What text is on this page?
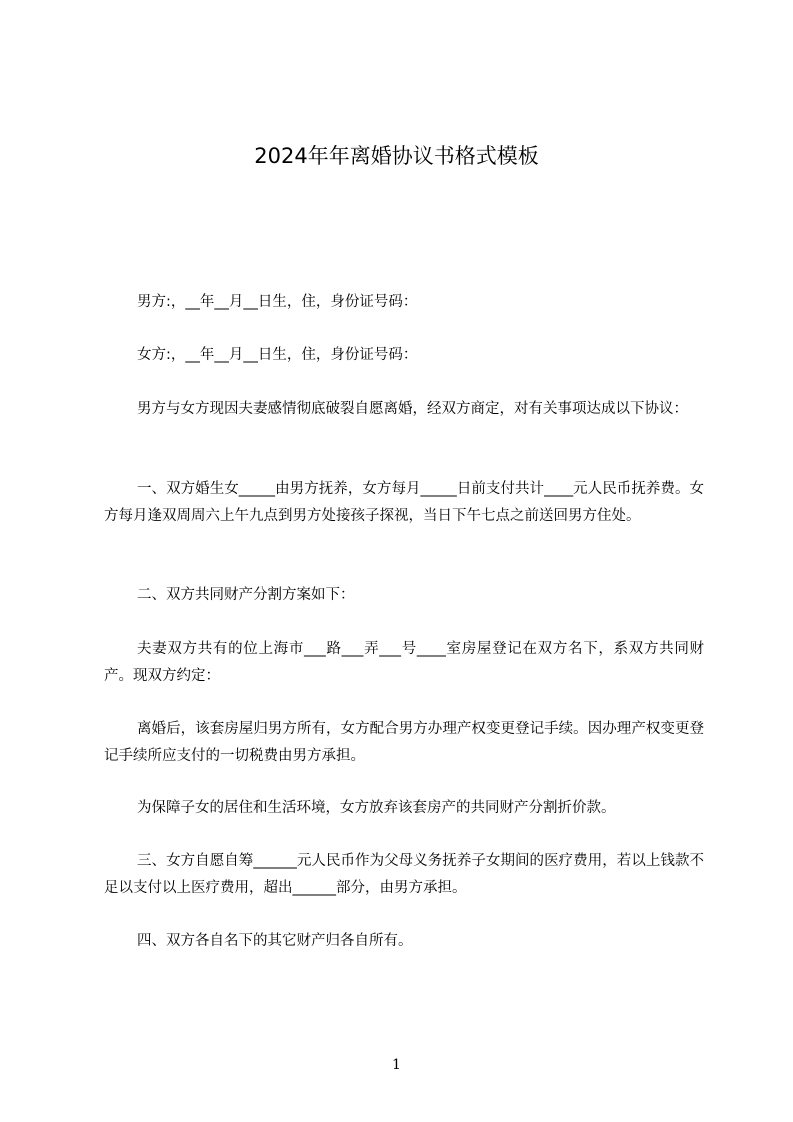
2024年年离婚协议书格式模板

男方:，__年__月__日生，住，身份证号码：

女方:，__年__月__日生，住，身份证号码：

男方与女方现因夫妻感情彻底破裂自愿离婚，经双方商定，对有关事项达成以下协议：

一、双方婚生女_____由男方抚养，女方每月_____日前支付共计____元人民币抚养费。女方每月逢双周周六上午九点到男方处接孩子探视，当日下午七点之前送回男方住处。

二、双方共同财产分割方案如下：

夫妻双方共有的位上海市___路___弄___号____室房屋登记在双方名下，系双方共同财产。现双方约定：

离婚后，该套房屋归男方所有，女方配合男方办理产权变更登记手续。因办理产权变更登记手续所应支付的一切税费由男方承担。

为保障子女的居住和生活环境，女方放弃该套房产的共同财产分割折价款。

三、女方自愿自筹______元人民币作为父母义务抚养子女期间的医疗费用，若以上钱款不足以支付以上医疗费用，超出______部分，由男方承担。

四、双方各自名下的其它财产归各自所有。

1
